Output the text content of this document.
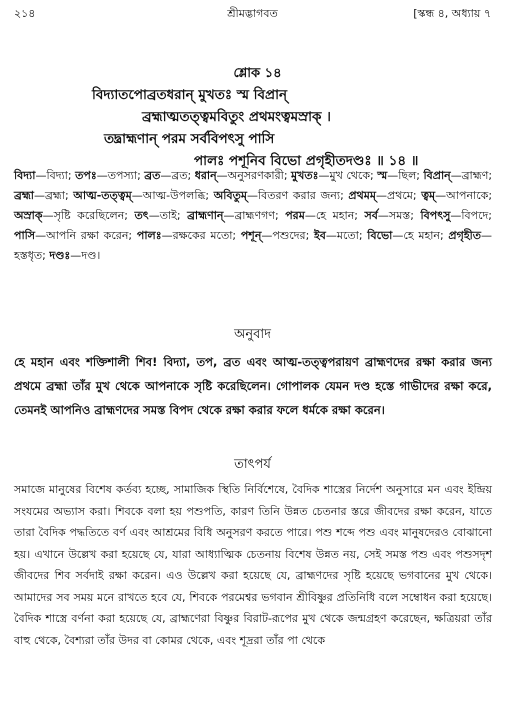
২১৪	শ্রীমদ্ভাগবত	[স্কন্ধ ৪, অধ্যায় ৭
শ্লোক ১৪
বিদ্যাতপোব্রতধরান্ মুখতঃ স্ম বিপ্রান্
ব্রহ্মাত্মতত্ত্বমবিতুং প্রথমংত্বমস্রাক্ ।
তদ্ব্রাহ্মণান্ পরম সর্ববিপৎসু পাসি
পালঃ পশূনিব বিভো প্রগৃহীতদণ্ডঃ ॥ ১৪ ॥
বিদ্যা—বিদ্যা; তপঃ—তপস্যা; ব্রত—ব্রত; ধরান্—অনুসরণকারী; মুখতঃ—মুখ থেকে; স্ম—ছিল; বিপ্রান্—ব্রাহ্মণ; ব্রহ্মা—ব্রহ্মা; আত্ম-তত্ত্বম্—আত্ম-উপলব্ধি; অবিতুম্—বিতরণ করার জন্য; প্রথমম্—প্রথমে; ত্বম্—আপনাকে; অস্রাক্—সৃষ্টি করেছিলেন; তৎ—তাই; ব্রাহ্মণান্—ব্রাহ্মণগণ; পরম—হে মহান; সর্ব—সমস্ত; বিপৎসু—বিপদে; পাসি—আপনি রক্ষা করেন; পালঃ—রক্ষকের মতো; পশূন্—পশুদের; ইব—মতো; বিভো—হে মহান; প্রগৃহীত—হস্তধৃত; দণ্ডঃ—দণ্ড।
অনুবাদ
হে মহান এবং শক্তিশালী শিব! বিদ্যা, তপ, ব্রত এবং আত্ম-তত্ত্বপরায়ণ ব্রাহ্মণদের রক্ষা করার জন্য প্রথমে ব্রহ্মা তাঁর মুখ থেকে আপনাকে সৃষ্টি করেছিলেন। গোপালক যেমন দণ্ড হস্তে গাভীদের রক্ষা করে, তেমনই আপনিও ব্রাহ্মণদের সমস্ত বিপদ থেকে রক্ষা করার ফলে ধর্মকে রক্ষা করেন।
তাৎপর্য
সমাজে মানুষের বিশেষ কর্তব্য হচ্ছে, সামাজিক স্থিতি নির্বিশেষে, বৈদিক শাস্ত্রের নির্দেশ অনুসারে মন এবং ইন্দ্রিয় সংযমের অভ্যাস করা। শিবকে বলা হয় পশুপতি, কারণ তিনি উন্নত চেতনার স্তরে জীবদের রক্ষা করেন, যাতে তারা বৈদিক পদ্ধতিতে বর্ণ এবং আশ্রমের বিধি অনুসরণ করতে পারে। পশু শব্দে পশু এবং মানুষদেরও বোঝানো হয়। এখানে উল্লেখ করা হয়েছে যে, যারা আধ্যাত্মিক চেতনায় বিশেষ উন্নত নয়, সেই সমস্ত পশু এবং পশুসদৃশ জীবদের শিব সর্বদাই রক্ষা করেন। এও উল্লেখ করা হয়েছে যে, ব্রাহ্মণদের সৃষ্টি হয়েছে ভগবানের মুখ থেকে। আমাদের সব সময় মনে রাখতে হবে যে, শিবকে পরমেশ্বর ভগবান শ্রীবিষ্ণুর প্রতিনিধি বলে সম্বোধন করা হয়েছে। বৈদিক শাস্ত্রে বর্ণনা করা হয়েছে যে, ব্রাহ্মণেরা বিষ্ণুর বিরাট-রূপের মুখ থেকে জন্মগ্রহণ করেছেন, ক্ষত্রিয়রা তাঁর বাহু থেকে, বৈশ্যরা তাঁর উদর বা কোমর থেকে, এবং শূদ্ররা তাঁর পা থেকে
